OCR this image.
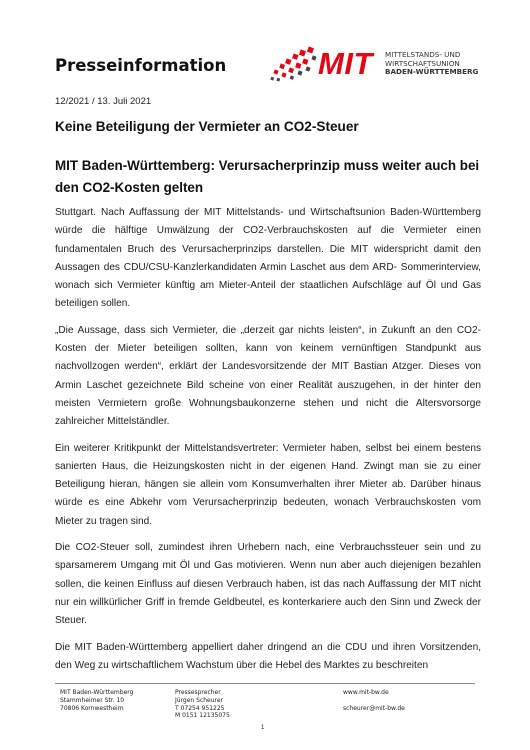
Presseinformation	MIT MITTELSTANDS- UND
WIRTSCHAFTSUNION
BADEN-WÜRTTEMBERG
12/2021 / 13. Juli 2021
Keine Beteiligung der Vermieter an CO2-Steuer
MIT Baden-Württemberg: Verursacherprinzip muss weiter auch bei den CO2-Kosten gelten

Stuttgart. Nach Auffassung der MIT Mittelstands- und Wirtschaftsunion Baden-Württemberg würde die hälftige Umwälzung der CO2-Verbrauchskosten auf die Vermieter einen fundamentalen Bruch des Verursacherprinzips darstellen. Die MIT widerspricht damit den Aussagen des CDU/CSU-Kanzlerkandidaten Armin Laschet aus dem ARD- Sommerinterview, wonach sich Vermieter künftig am Mieter-Anteil der staatlichen Aufschläge auf Öl und Gas beteiligen sollen.

„Die Aussage, dass sich Vermieter, die „derzeit gar nichts leisten“, in Zukunft an den CO2-Kosten der Mieter beteiligen sollten, kann von keinem vernünftigen Standpunkt aus nachvollzogen werden“, erklärt der Landesvorsitzende der MIT Bastian Atzger. Dieses von Armin Laschet gezeichnete Bild scheine von einer Realität auszugehen, in der hinter den meisten Vermietern große Wohnungsbaukonzerne stehen und nicht die Altersvorsorge zahlreicher Mittelständler.

Ein weiterer Kritikpunkt der Mittelstandsvertreter: Vermieter haben, selbst bei einem bestens sanierten Haus, die Heizungskosten nicht in der eigenen Hand. Zwingt man sie zu einer Beteiligung hieran, hängen sie allein vom Konsumverhalten ihrer Mieter ab. Darüber hinaus würde es eine Abkehr vom Verursacherprinzip bedeuten, wonach Verbrauchskosten vom Mieter zu tragen sind.

Die CO2-Steuer soll, zumindest ihren Urhebern nach, eine Verbrauchssteuer sein und zu sparsamerem Umgang mit Öl und Gas motivieren. Wenn nun aber auch diejenigen bezahlen sollen, die keinen Einfluss auf diesen Verbrauch haben, ist das nach Auffassung der MIT nicht nur ein willkürlicher Griff in fremde Geldbeutel, es konterkariere auch den Sinn und Zweck der Steuer.

Die MIT Baden-Württemberg appelliert daher dringend an die CDU und ihren Vorsitzenden, den Weg zu wirtschaftlichem Wachstum über die Hebel des Marktes zu beschreiten

MIT Baden-Württemberg
Stammheimer Str. 10
70806 Kornwestheim
Pressesprecher
Jürgen Scheurer
T 07254 951225
M 0151 12135075
www.mit-bw.de

scheurer@mit-bw.de
1
